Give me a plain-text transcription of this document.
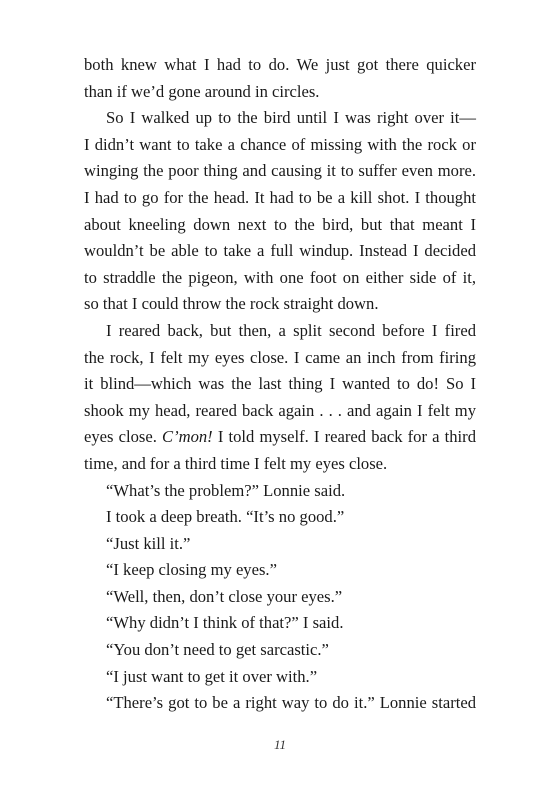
both knew what I had to do. We just got there quicker
than if we’d gone around in circles.
So I walked up to the bird until I was right over it—
I didn’t want to take a chance of missing with the rock or
winging the poor thing and causing it to suffer even more.
I had to go for the head. It had to be a kill shot. I thought
about kneeling down next to the bird, but that meant I
wouldn’t be able to take a full windup. Instead I decided
to straddle the pigeon, with one foot on either side of it,
so that I could throw the rock straight down.
I reared back, but then, a split second before I fired
the rock, I felt my eyes close. I came an inch from firing
it blind—which was the last thing I wanted to do! So I
shook my head, reared back again . . . and again I felt my
eyes close. C’mon! I told myself. I reared back for a third
time, and for a third time I felt my eyes close.
“What’s the problem?” Lonnie said.
I took a deep breath. “It’s no good.”
“Just kill it.”
“I keep closing my eyes.”
“Well, then, don’t close your eyes.”
“Why didn’t I think of that?” I said.
“You don’t need to get sarcastic.”
“I just want to get it over with.”
“There’s got to be a right way to do it.” Lonnie started
11
